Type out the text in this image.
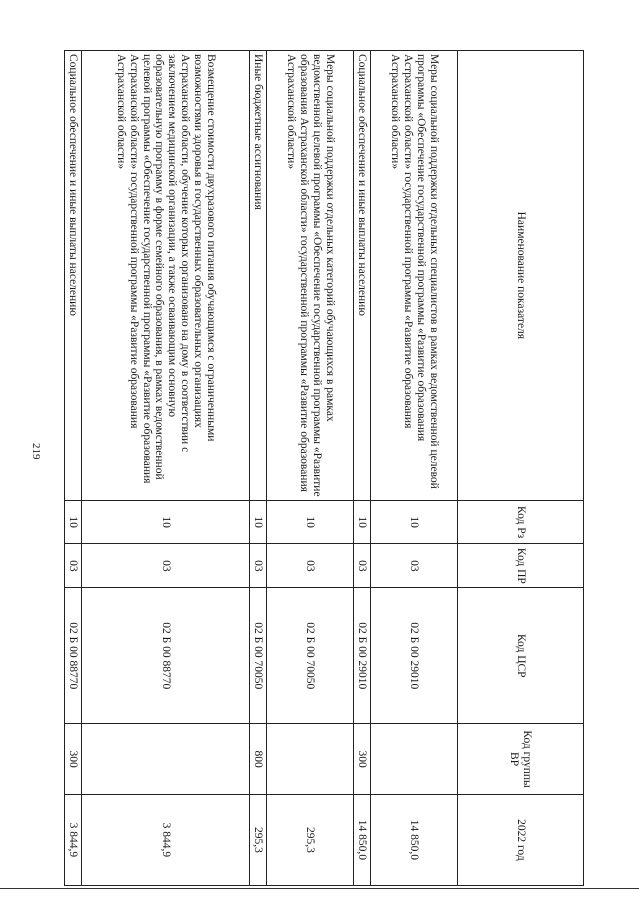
219
Наименование показателя	Код Рз	Код ПР	Код ЦСР	Код группы ВР	2022 год
Меры социальной поддержки отдельных специалистов в рамках ведомственной целевой программы «Обеспечение государственной программы «Развитие образования Астраханской области» государственной программы «Развитие образования Астраханской области»	10	03	02 Б 00 29010		14 850,0
Социальное обеспечение и иные выплаты населению	10	03	02 Б 00 29010	300	14 850,0
Меры социальной поддержки отдельных категорий обучающихся в рамках ведомственной целевой программы «Обеспечение государственной программы «Развитие образования Астраханской области» государственной программы «Развитие образования Астраханской области»	10	03	02 Б 00 70050		295,3
Иные бюджетные ассигнования	10	03	02 Б 00 70050	800	295,3
Возмещение стоимости двухразового питания обучающимся с ограниченными возможностями здоровья в государственных образовательных организациях Астраханской области, обучение которых организовано на дому в соответствии с заключением медицинской организации, а также осваивающим основную образовательную программу в форме семейного образования, в рамках ведомственной целевой программы «Обеспечение государственной программы «Развитие образования Астраханской области» государственной программы «Развитие образования Астраханской области»	10	03	02 Б 00 88770		3 844,9
Социальное обеспечение и иные выплаты населению	10	03	02 Б 00 88770	300	3 844,9
